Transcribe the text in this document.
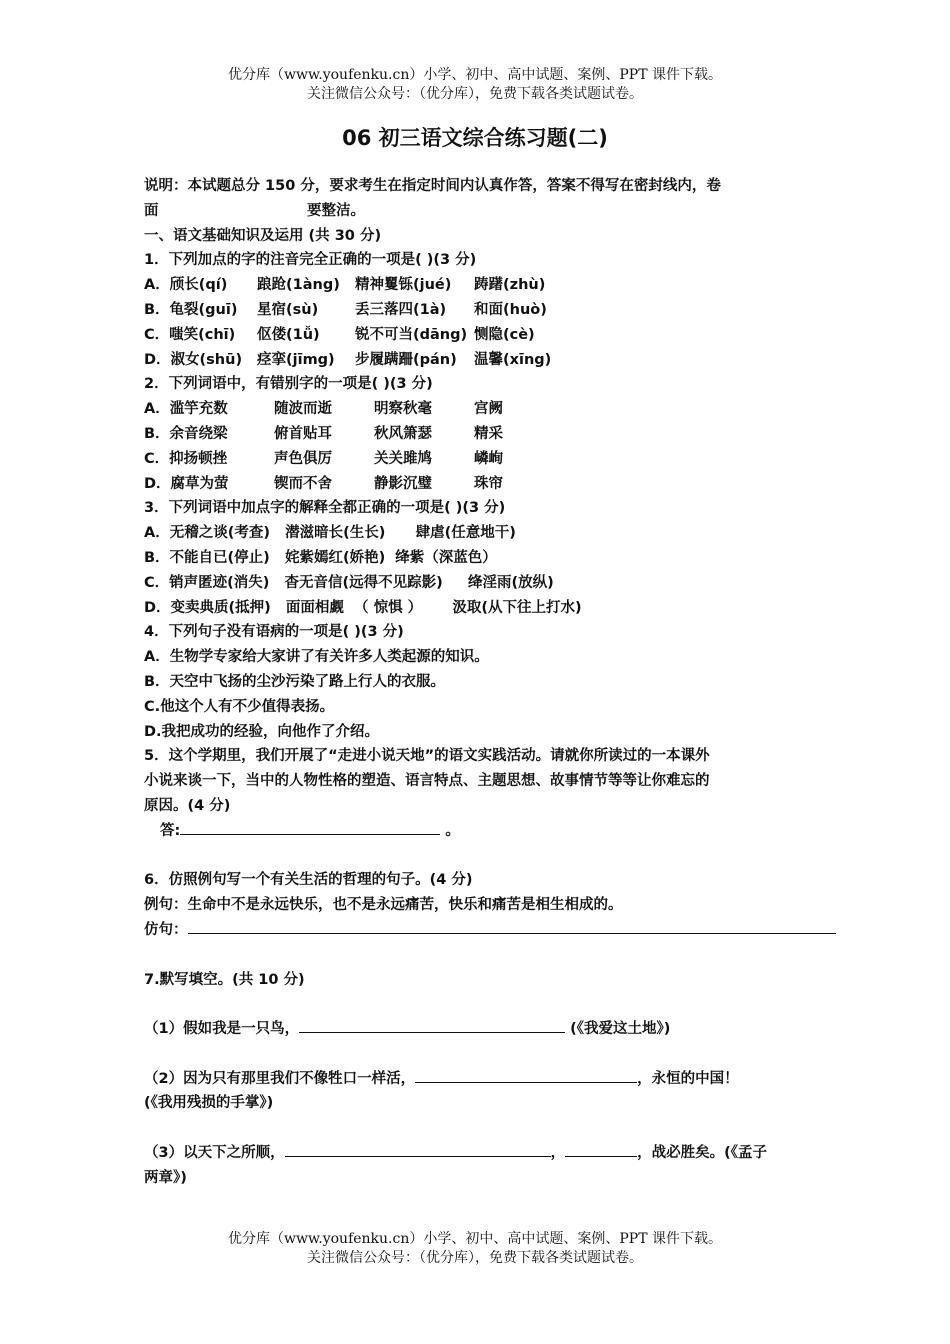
优分库（www.youfenku.cn）小学、初中、高中试题、案例、PPT 课件下载。
关注微信公众号：（优分库），免费下载各类试题试卷。
06 初三语文综合练习题(二)
说明：本试题总分 150 分，要求考生在指定时间内认真作答，答案不得写在密封线内，卷
面	要整洁。
一、语文基础知识及运用 (共 30 分)
1．下列加点的字的注音完全正确的一项是( )(3 分)
A．颀长(qí)	踉跄(1àng)	精神矍铄(jué)	踌躇(zhù)
B．龟裂(guī)	星宿(sù)	丢三落四(1à)	和面(huò)
C．嗤笑(chī)	伛偻(1ǚ)	锐不可当(dāng) 恻隐(cè)
D．淑女(shū)	痉挛(jīmg)	步履蹒跚(pán)	温馨(xīng)
2．下列词语中，有错别字的一项是( )(3 分)
A．滥竽充数	随波而逝	明察秋毫	宫阙
B．余音绕梁	俯首贴耳	秋风箫瑟	精采
C．抑扬顿挫	声色俱厉	关关雎鸠	嶙峋
D．腐草为萤	锲而不舍	静影沉璧	珠帘
3．下列词语中加点字的解释全都正确的一项是( )(3 分)
A．无稽之谈(考查)   潜滋暗长(生长)      肆虐(任意地干)
B．不能自已(停止)   姹紫嫣红(娇艳)  绛紫（深蓝色）
C．销声匿迹(消失)   杳无音信(远得不见踪影)     绛淫雨(放纵)
D．变卖典质(抵押)   面面相觑  （ 惊惧 ）      汲取(从下往上打水)
4．下列句子没有语病的一项是( )(3 分)
A．生物学专家给大家讲了有关许多人类起源的知识。
B．天空中飞扬的尘沙污染了路上行人的衣服。
C.他这个人有不少值得表扬。
D.我把成功的经验，向他作了介绍。
5．这个学期里，我们开展了“走进小说天地”的语文实践活动。请就你所读过的一本课外
小说来谈一下，当中的人物性格的塑造、语言特点、主题思想、故事情节等等让你难忘的
原因。(4 分)
答:	。
6．仿照例句写一个有关生活的哲理的句子。(4 分)
例句：生命中不是永远快乐，也不是永远痛苦，快乐和痛苦是相生相成的。
仿句：
7.默写填空。(共 10 分)
（1）假如我是一只鸟，	(《我爱这土地》)
（2）因为只有那里我们不像牲口一样活，	，永恒的中国！
(《我用残损的手掌》)
（3）以天下之所顺，	，	，战必胜矣。(《孟子
两章》)
优分库（www.youfenku.cn）小学、初中、高中试题、案例、PPT 课件下载。
关注微信公众号：（优分库），免费下载各类试题试卷。
